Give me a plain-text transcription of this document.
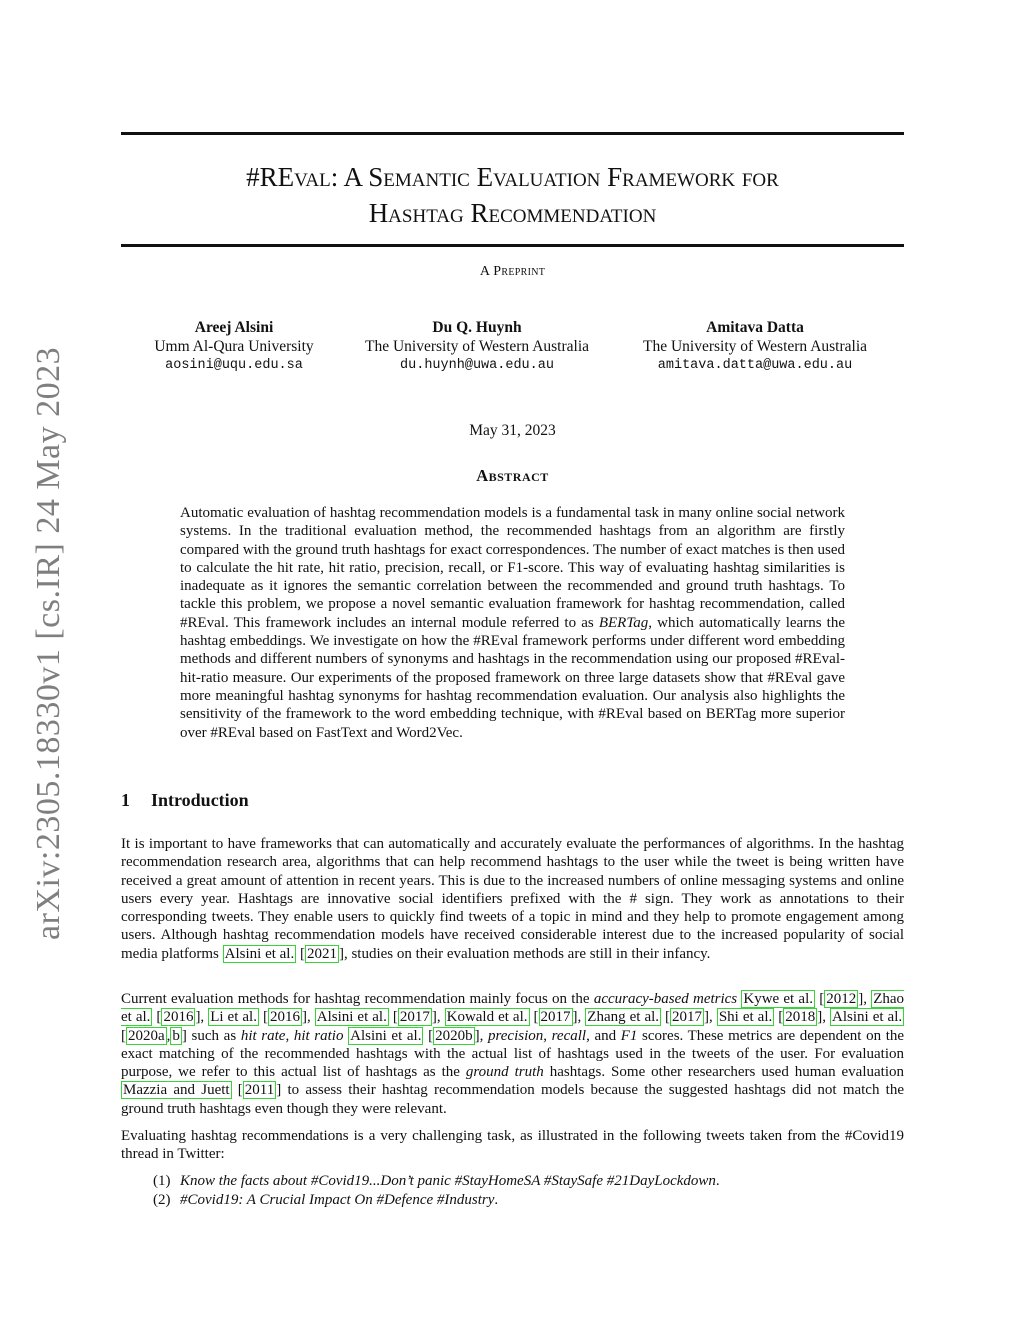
arXiv:2305.18330v1 [cs.IR] 24 May 2023
#REval: A Semantic Evaluation Framework for
Hashtag Recommendation
A Preprint
Areej Alsini
Umm Al-Qura University
aosini@uqu.edu.sa
Du Q. Huynh
The University of Western Australia
du.huynh@uwa.edu.au
Amitava Datta
The University of Western Australia
amitava.datta@uwa.edu.au
May 31, 2023
Abstract

Automatic evaluation of hashtag recommendation models is a fundamental task in many online social network systems. In the traditional evaluation method, the recommended hashtags from an algorithm are firstly compared with the ground truth hashtags for exact correspondences. The number of exact matches is then used to calculate the hit rate, hit ratio, precision, recall, or F1-score. This way of evaluating hashtag similarities is inadequate as it ignores the semantic correlation between the recommended and ground truth hashtags. To tackle this problem, we propose a novel semantic evaluation framework for hashtag recommendation, called #REval. This framework includes an internal module referred to as BERTag, which automatically learns the hashtag embeddings. We investigate on how the #REval framework performs under different word embedding methods and different numbers of synonyms and hashtags in the recommendation using our proposed #REval-hit-ratio measure. Our experiments of the proposed framework on three large datasets show that #REval gave more meaningful hashtag synonyms for hashtag recommendation evaluation. Our analysis also highlights the sensitivity of the framework to the word embedding technique, with #REval based on BERTag more superior over #REval based on FastText and Word2Vec.

1 Introduction

It is important to have frameworks that can automatically and accurately evaluate the performances of algorithms. In the hashtag recommendation research area, algorithms that can help recommend hashtags to the user while the tweet is being written have received a great amount of attention in recent years. This is due to the increased numbers of online messaging systems and online users every year. Hashtags are innovative social identifiers prefixed with the # sign. They work as annotations to their corresponding tweets. They enable users to quickly find tweets of a topic in mind and they help to promote engagement among users. Although hashtag recommendation models have received considerable interest due to the increased popularity of social media platforms Alsini et al. [ 2021 ], studies on their evaluation methods are still in their infancy.

Current evaluation methods for hashtag recommendation mainly focus on the accuracy-based metrics Kywe et al. [ 2012 ], Zhao et al. [ 2016 ], Li et al. [ 2016 ], Alsini et al. [ 2017 ], Kowald et al. [ 2017 ], Zhang et al. [ 2017 ], Shi et al. [ 2018 ], Alsini et al. [ 2020a , b ] such as hit rate, hit ratio Alsini et al. [ 2020b ], precision, recall, and F1 scores. These metrics are dependent on the exact matching of the recommended hashtags with the actual list of hashtags used in the tweets of the user. For evaluation purpose, we refer to this actual list of hashtags as the ground truth hashtags. Some other researchers used human evaluation Mazzia and Juett [ 2011 ] to assess their hashtag recommendation models because the suggested hashtags did not match the ground truth hashtags even though they were relevant.

Evaluating hashtag recommendations is a very challenging task, as illustrated in the following tweets taken from the #Covid19 thread in Twitter:

(1) Know the facts about #Covid19...Don’t panic #StayHomeSA #StaySafe #21DayLockdown.
(2) #Covid19: A Crucial Impact On #Defence #Industry.
